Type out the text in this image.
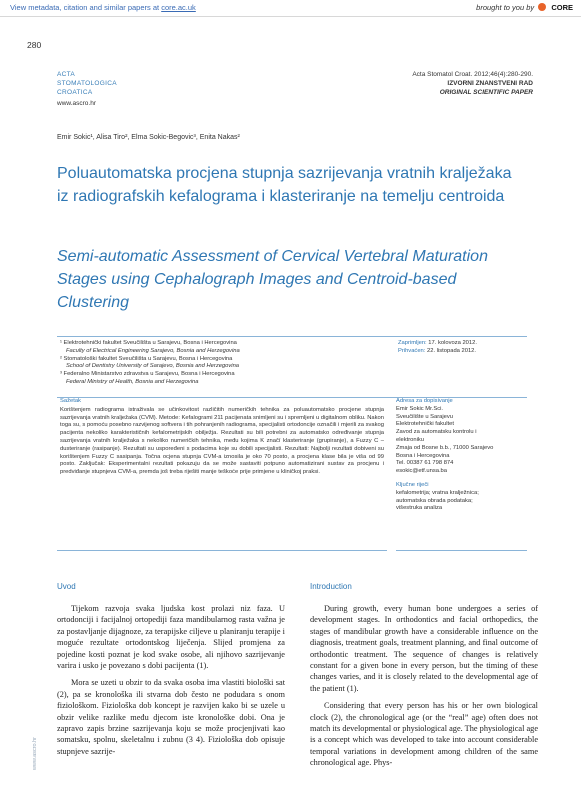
View metadata, citation and similar papers at core.ac.uk	brought to you by CORE
280
ACTA
STOMATOLOGICA
CROATICA
www.ascro.hr
Acta Stomatol Croat. 2012;46(4):280-290.
IZVORNI ZNANSTVENI RAD
ORIGINAL SCIENTIFIC PAPER
Emir Sokic¹, Alisa Tiro², Elma Sokic-Begovic³, Enita Nakas²
Poluautomatska procjena stupnja sazrijevanja vratnih kralježaka iz radiografskih kefalograma i klasteriranje na temelju centroida
Semi-automatic Assessment of Cervical Vertebral Maturation Stages using Cephalograph Images and Centroid-based Clustering
¹ Elektrotehnički fakultet Sveučilišta u Sarajevu, Bosna i Hercegovina
Faculty of Electrical Engineering Sarajevo, Bosnia and Herzegovina
² Stomatološki fakultet Sveučilišta u Sarajevu, Bosna i Hercegovina
School of Dentistry University of Sarajevo, Bosnia and Herzegovina
³ Federalno Ministarstvo zdravstva u Sarajevu, Bosna i Hercegovina
Federal Ministry of Health, Bosnia and Herzegovina
Zaprimljen: 17. kolovoza 2012.
Prihvaćen: 22. listopada 2012.
Sažetak
Korištenjem radiograma istraživala se učinkovitost različitih numeričkih tehnika za poluautomatsko procjene stupnja sazrijevanja vratnih kralježaka (CVM). Metode: Kefalogrami 211 pacijenata snimljeni su i spremljeni u digitalnom obliku. Nakon toga su, s pomoću posebno razvijenog softvera i tih pohranjenih radiograma, specijalisti ortodoncije označili i mjerili za svakog pacijenta nekoliko karakterističnih kefalometrijskih obilježja. Rezultati su bili potrebni za automatsko određivanje stupnja sazrijevanja vratnih kralježaka s nekoliko numeričkih tehnika, među kojima K značí klasteriranje (grupiranje), a Fuzzy C – dusteriranje (rasipanje). Rezultati su uspoređeni s podacima koje su dobili specijalisti. Rezultati: Najbolji rezultati dobiveni su korištenjem Fuzzy C sasipanja. Točna ocjena stupnja CVM-a iznosila je oko 70 posto, a procjena klase bila je viša od 99 posto. Zaključak: Eksperimentalni rezultati pokazuju da se može sastaviti potpuno automatizirani sustav za procjenu i predviđanje stupnjeva CVM-a, premda još treba riješiti manje teškoće prije primjene u kliničkoj praksi.
Adresa za dopisivanje
Emir Sokic Mr.Sci.
Sveučilište u Sarajevu
Elektrotehnički fakultet
Zavod za automatsku kontrolu i
elektroniku
Zmaja od Bosne b.b., 71000 Sarajevo
Bosna i Hercegovina
Tel. 00387 61 798 874
esokic@etf.unsa.ba
Ključne riječi
kefalometrija; vratna kralježnica;
automatska obrada podataka;
višestruka analiza
Uvod

Tijekom razvoja svaka ljudska kost prolazi niz faza. U ortodonciji i facijalnoj ortopediji faza mandibularnog rasta važna je za postavljanje dijagnoze, za terapijske ciljeve u planiranju terapije i moguće rezultate ortodontskog liječenja. Slijed promjena za pojedine kosti poznat je kod svake osobe, ali njihovo sazrijevanje varira i usko je povezano s dobi pacijenta (1).

Mora se uzeti u obzir to da svaka osoba ima vlastiti biološki sat (2), pa se kronološka ili stvarna dob često ne podudara s onom fiziološkom. Fiziološka dob koncept je razvijen kako bi se uzele u obzir velike razlike među djecom iste kronološke dobi. Ona je zapravo zapis brzine sazrijevanja koju se može procjenjivati kao somatsku, spolnu, skeletalnu i zubnu (3 4). Fiziološka dob opisuje stupnjeve sazrije-

Introduction

During growth, every human bone undergoes a series of development stages. In orthodontics and facial orthopedics, the stages of mandibular growth have a considerable influence on the diagnosis, treatment goals, treatment planning, and final outcome of orthodontic treatment. The sequence of changes is relatively constant for a given bone in every person, but the timing of these changes varies, and it is closely related to the developmental age of the patient (1).

Considering that every person has his or her own biological clock (2), the chronological age (or the “real” age) often does not match its developmental or physiological age. The physiological age is a concept which was developed to take into account considerable temporal variations in development among children of the same chronological age. Phys-

www.ascro.hr
